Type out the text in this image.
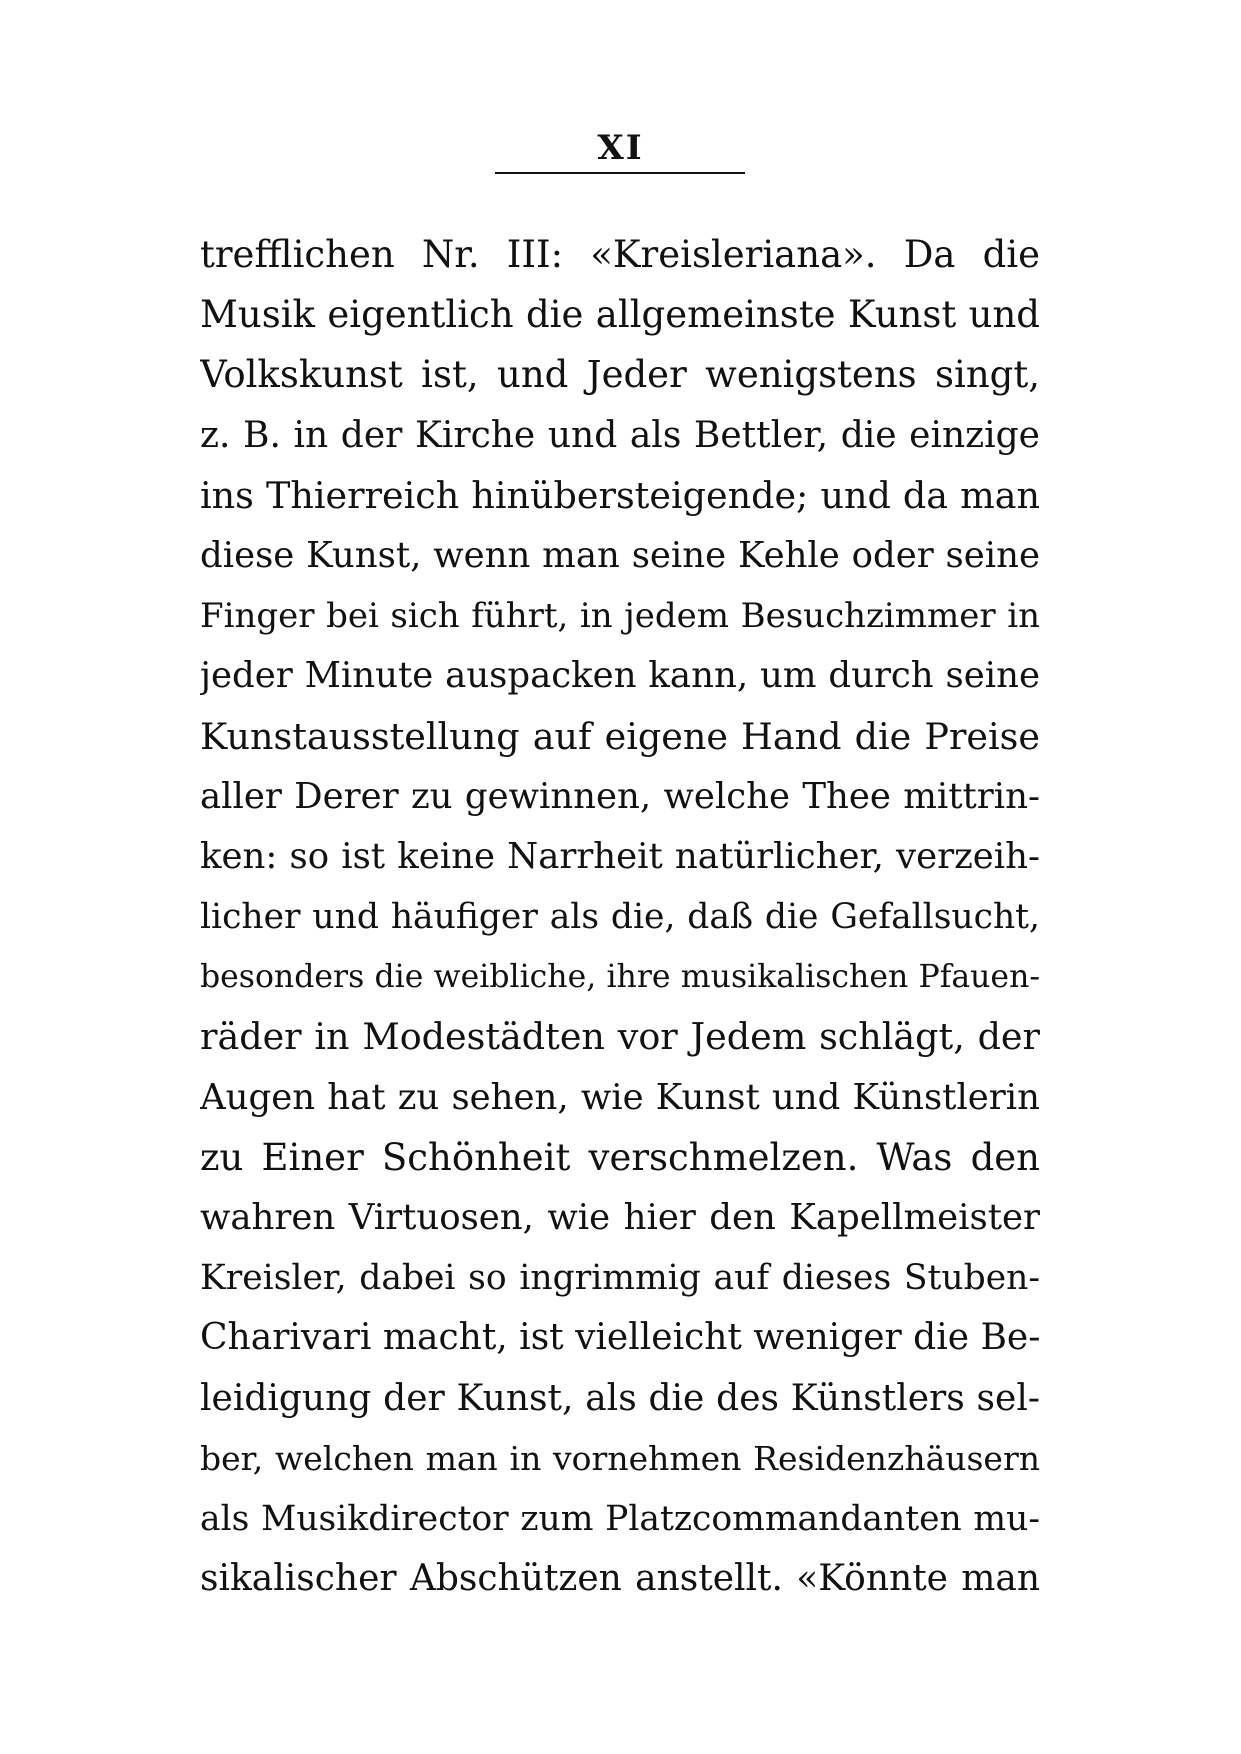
XI
trefflichen Nr. III: «Kreislerianа». Da die
Musik eigentlich die allgemeinste Kunst und
Volkskunst ist, und Jeder wenigstens singt,
z. B. in der Kirche und als Bettler, die einzige
ins Thierreich hinübersteigende; und da man
diese Kunst, wenn man seine Kehle oder seine
Finger bei sich führt, in jedem Besuchzimmer in
jeder Minute auspacken kann, um durch seine
Kunstausstellung auf eigene Hand die Preise
aller Derer zu gewinnen, welche Thee mittrin-
ken: so ist keine Narrheit natürlicher, verzeih-
licher und häufiger als die, daß die Gefallsucht,
besonders die weibliche, ihre musikalischen Pfauen-
räder in Modestädten vor Jedem schlägt, der
Augen hat zu sehen, wie Kunst und Künstlerin
zu Einer Schönheit verschmelzen. Was den
wahren Virtuosen, wie hier den Kapellmeister
Kreisler, dabei so ingrimmig auf dieses Stuben-
Charivari macht, ist vielleicht weniger die Be-
leidigung der Kunst, als die des Künstlers sel-
ber, welchen man in vornehmen Residenzhäusern
als Musikdirector zum Platzcommandanten mu-
sikalischer Abschützen anstellt. «Könnte man
